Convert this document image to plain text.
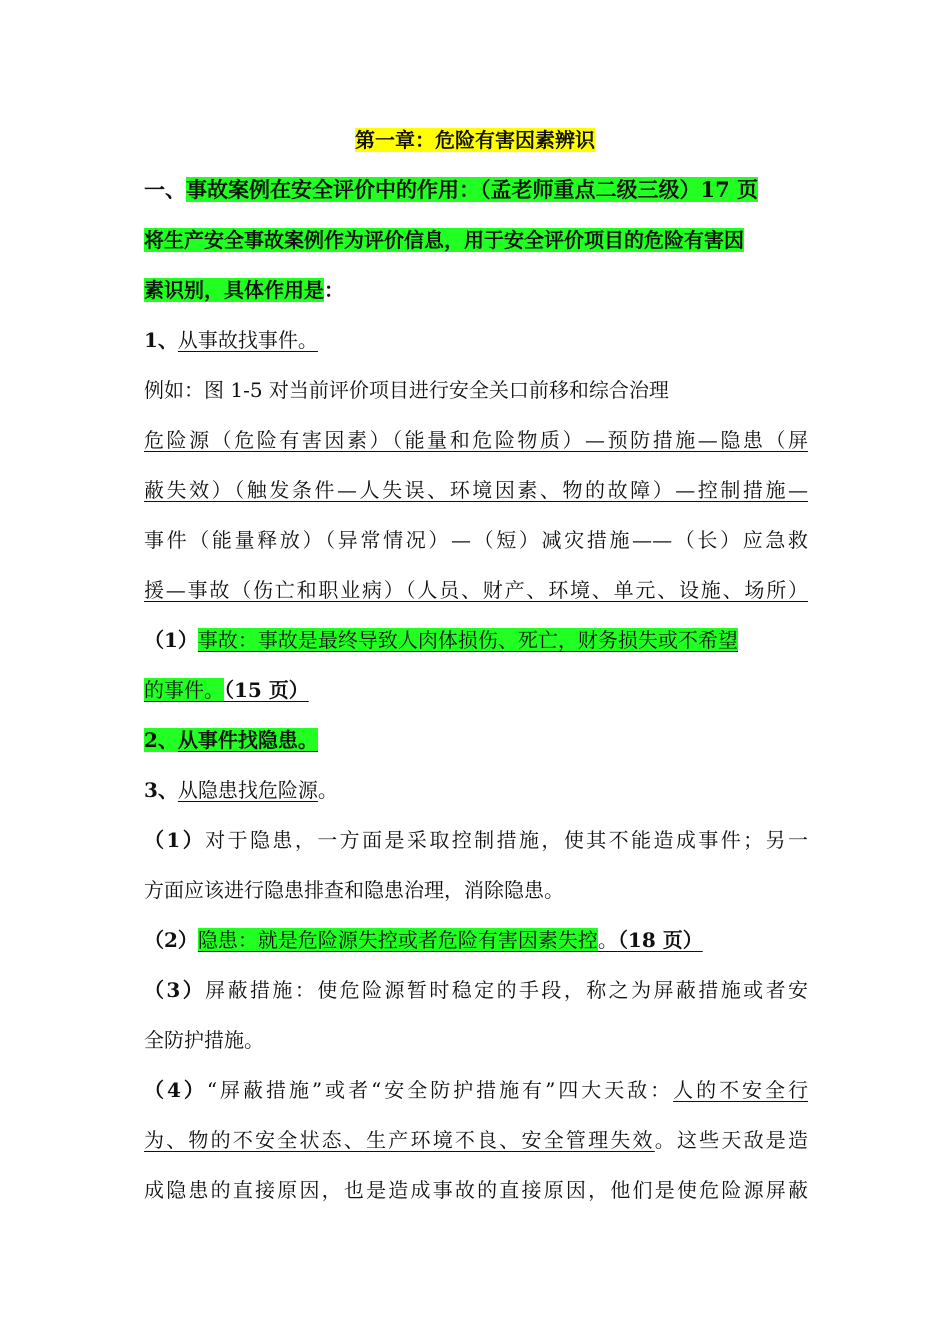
第一章：危险有害因素辨识
一、事故案例在安全评价中的作用：（孟老师重点二级三级）17 页
将生产安全事故案例作为评价信息，用于安全评价项目的危险有害因
素识别，具体作用是：
1、从事故找事件。
例如：图 1-5 对当前评价项目进行安全关口前移和综合治理
危险源（危险有害因素）（能量和危险物质）—预防措施—隐患（屏
蔽失效）（触发条件—人失误、环境因素、物的故障）—控制措施—
事件（能量释放）（异常情况）—（短）减灾措施——（长）应急救
援—事故（伤亡和职业病）（人员、财产、环境、单元、设施、场所）
（1）事故：事故是最终导致人肉体损伤、死亡，财务损失或不希望
的事件。（15 页）
2、从事件找隐患。
3、从隐患找危险源。
（1）对于隐患，一方面是采取控制措施，使其不能造成事件；另一
方面应该进行隐患排查和隐患治理，消除隐患。
（2）隐患：就是危险源失控或者危险有害因素失控。（18 页）
（3）屏蔽措施：使危险源暂时稳定的手段，称之为屏蔽措施或者安
全防护措施。
（4）“屏蔽措施”或者“安全防护措施有”四大天敌：人的不安全行
为、物的不安全状态、生产环境不良、安全管理失效。这些天敌是造
成隐患的直接原因，也是造成事故的直接原因，他们是使危险源屏蔽
